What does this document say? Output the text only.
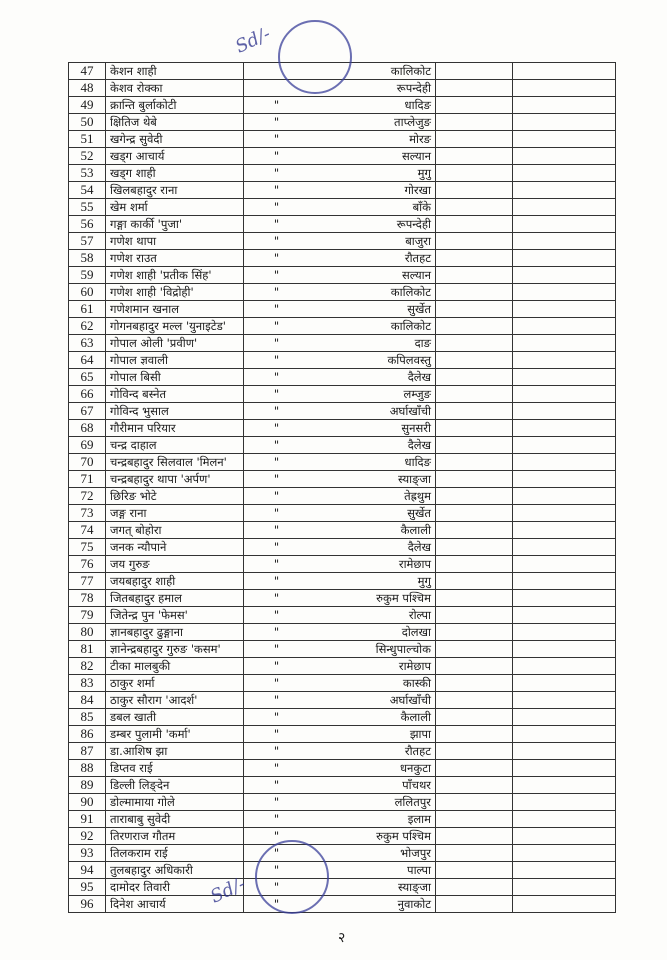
47	केशन शाही		कालिकोट		
48	केशव रोक्का		रूपन्देही		
49	क्रान्ति बुर्लाकोटी	"	धादिङ		
50	क्षितिज थेबे	"	ताप्लेजुङ		
51	खगेन्द्र सुवेदी	"	मोरङ		
52	खड्ग आचार्य	"	सल्यान		
53	खड्ग शाही	"	मुगु		
54	खिलबहादुर राना	"	गोरखा		
55	खेम शर्मा	"	बाँके		
56	गङ्गा कार्की 'पुजा'	"	रूपन्देही		
57	गणेश थापा	"	बाजुरा		
58	गणेश राउत	"	रौतहट		
59	गणेश शाही 'प्रतीक सिंह'	"	सल्यान		
60	गणेश शाही 'विद्रोही'	"	कालिकोट		
61	गणेशमान खनाल	"	सुर्खेत		
62	गोगनबहादुर मल्ल 'युनाइटेड'	"	कालिकोट		
63	गोपाल ओली 'प्रवीण'	"	दाङ		
64	गोपाल ज्ञवाली	"	कपिलवस्तु		
65	गोपाल बिसी	"	दैलेख		
66	गोविन्द बस्नेत	"	लम्जुङ		
67	गोविन्द भुसाल	"	अर्घाखाँची		
68	गौरीमान परियार	"	सुनसरी		
69	चन्द्र दाहाल	"	दैलेख		
70	चन्द्रबहादुर सिलवाल 'मिलन'	"	धादिङ		
71	चन्द्रबहादुर थापा 'अर्पण'	"	स्याङ्जा		
72	छिरिङ भोटे	"	तेह्रथुम		
73	जङ्ग राना	"	सुर्खेत		
74	जगत् बोहोरा	"	कैलाली		
75	जनक न्यौपाने	"	दैलेख		
76	जय गुरुङ	"	रामेछाप		
77	जयबहादुर शाही	"	मुगु		
78	जितबहादुर हमाल	"	रुकुम पश्चिम		
79	जितेन्द्र पुन 'फेमस'	"	रोल्पा		
80	ज्ञानबहादुर ढुङ्गाना	"	दोलखा		
81	ज्ञानेन्द्रबहादुर गुरुङ 'कसम'	"	सिन्धुपाल्चोक		
82	टीका मालबुकी	"	रामेछाप		
83	ठाकुर शर्मा	"	कास्की		
84	ठाकुर सौराग 'आदर्श'	"	अर्घाखाँची		
85	डबल खाती	"	कैलाली		
86	डम्बर पुलामी 'कर्मा'	"	झापा		
87	डा.आशिष झा	"	रौतहट		
88	डिप्तव राई	"	धनकुटा		
89	डिल्ली लिङ्देन	"	पाँचथर		
90	डोल्मामाया गोले	"	ललितपुर		
91	ताराबाबु सुवेदी	"	इलाम		
92	तिरणराज गौतम	"	रुकुम पश्चिम		
93	तिलकराम राई	"	भोजपुर		
94	तुलबहादुर अधिकारी	"	पाल्पा		
95	दामोदर तिवारी	"	स्याङ्जा		
96	दिनेश आचार्य	"	नुवाकोट		
Sd/-
Sd/-
२
